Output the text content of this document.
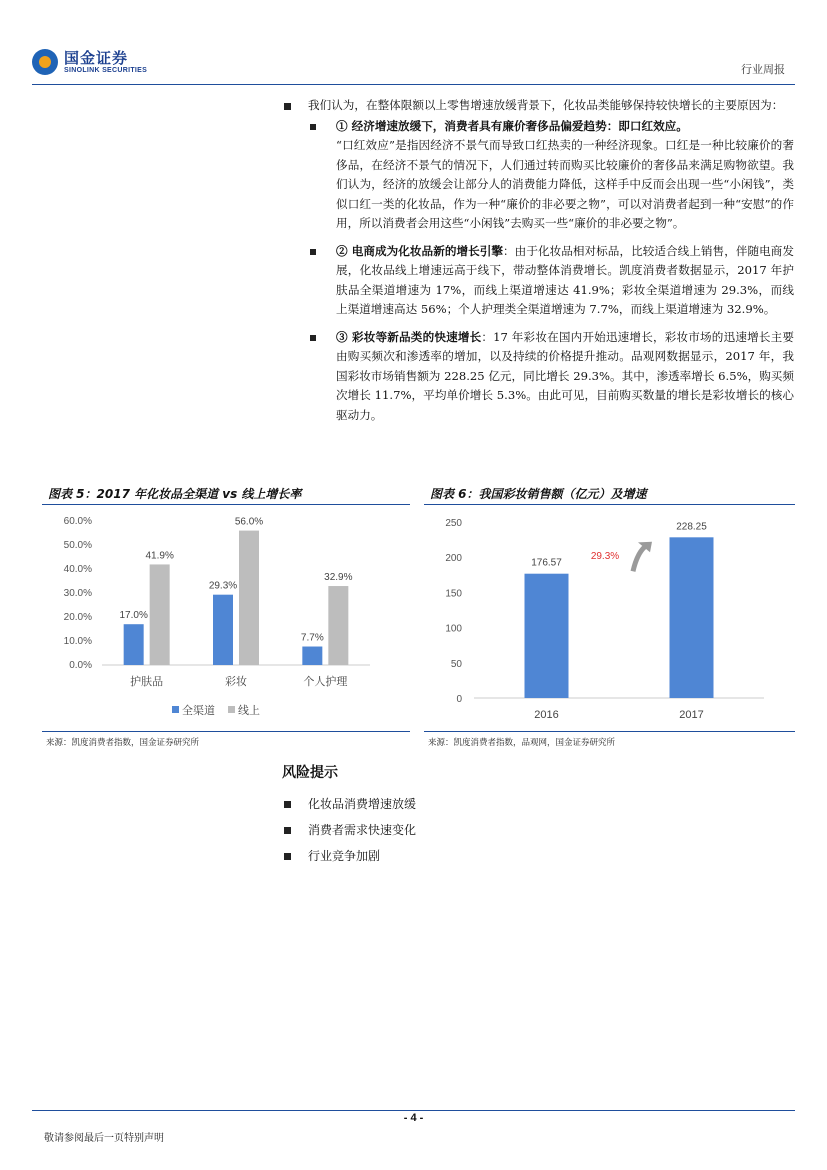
国金证券
SINOLINK SECURITIES	行业周报
我们认为，在整体限额以上零售增速放缓背景下，化妆品类能够保持较快增长的主要原因为：
① 经济增速放缓下，消费者具有廉价奢侈品偏爱趋势：即口红效应。
“口红效应”是指因经济不景气而导致口红热卖的一种经济现象。口红是一种比较廉价的奢侈品，在经济不景气的情况下，人们通过转而购买比较廉价的奢侈品来满足购物欲望。我们认为，经济的放缓会让部分人的消费能力降低，这样手中反而会出现一些“小闲钱”，类似口红一类的化妆品，作为一种“廉价的非必要之物”，可以对消费者起到一种“安慰”的作用，所以消费者会用这些“小闲钱”去购买一些“廉价的非必要之物”。
② 电商成为化妆品新的增长引擎：由于化妆品相对标品，比较适合线上销售，伴随电商发展，化妆品线上增速远高于线下，带动整体消费增长。凯度消费者数据显示，2017 年护肤品全渠道增速为 17%，而线上渠道增速达 41.9%；彩妆全渠道增速为 29.3%，而线上渠道增速高达 56%；个人护理类全渠道增速为 7.7%，而线上渠道增速为 32.9%。
③ 彩妆等新品类的快速增长：17 年彩妆在国内开始迅速增长，彩妆市场的迅速增长主要由购买频次和渗透率的增加，以及持续的价格提升推动。品观网数据显示，2017 年，我国彩妆市场销售额为 228.25 亿元，同比增长 29.3%。其中，渗透率增长 6.5%，购买频次增长 11.7%，平均单价增长 5.3%。由此可见，目前购买数量的增长是彩妆增长的核心驱动力。
图表 5：2017 年化妆品全渠道 vs 线上增长率
0.0%
10.0%
20.0%
30.0%
40.0%
50.0%
60.0%
17.0%
41.9%
护肤品
29.3%
56.0%
彩妆
7.7%
32.9%
个人护理
全渠道 线上
来源：凯度消费者指数，国金证券研究所
图表 6：我国彩妆销售额（亿元）及增速
0
50
100
150
200
250
176.57
2016
228.25
2017
29.3%
来源：凯度消费者指数，品观网，国金证券研究所
风险提示
化妆品消费增速放缓
消费者需求快速变化
行业竞争加剧
- 4 -
敬请参阅最后一页特别声明
